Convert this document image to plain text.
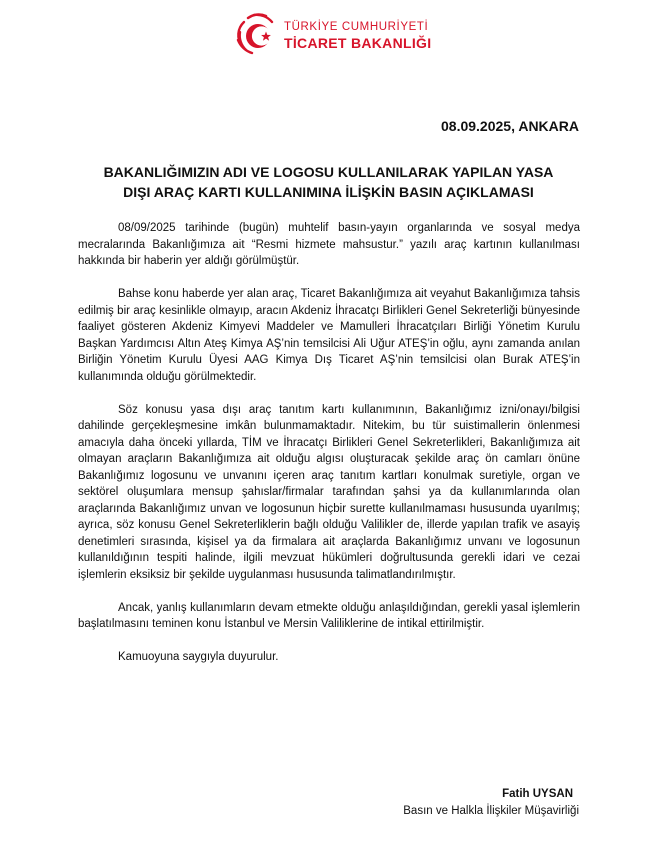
TÜRKİYE CUMHURİYETİ
TİCARET BAKANLIĞI
08.09.2025, ANKARA
BAKANLIĞIMIZIN ADI VE LOGOSU KULLANILARAK YAPILAN YASA
DIŞI ARAÇ KARTI KULLANIMINA İLİŞKİN BASIN AÇIKLAMASI

08/09/2025 tarihinde (bugün) muhtelif basın-yayın organlarında ve sosyal medya mecralarında Bakanlığımıza ait “Resmi hizmete mahsustur.” yazılı araç kartının kullanılması hakkında bir haberin yer aldığı görülmüştür.

Bahse konu haberde yer alan araç, Ticaret Bakanlığımıza ait veyahut Bakanlığımıza tahsis edilmiş bir araç kesinlikle olmayıp, aracın Akdeniz İhracatçı Birlikleri Genel Sekreterliği bünyesinde faaliyet gösteren Akdeniz Kimyevi Maddeler ve Mamulleri İhracatçıları Birliği Yönetim Kurulu Başkan Yardımcısı Altın Ateş Kimya AŞ’nin temsilcisi Ali Uğur ATEŞ’in oğlu, aynı zamanda anılan Birliğin Yönetim Kurulu Üyesi AAG Kimya Dış Ticaret AŞ’nin temsilcisi olan Burak ATEŞ’in kullanımında olduğu görülmektedir.

Söz konusu yasa dışı araç tanıtım kartı kullanımının, Bakanlığımız izni/onayı/bilgisi dahilinde gerçekleşmesine imkân bulunmamaktadır. Nitekim, bu tür suistimallerin önlenmesi amacıyla daha önceki yıllarda, TİM ve İhracatçı Birlikleri Genel Sekreterlikleri, Bakanlığımıza ait olmayan araçların Bakanlığımıza ait olduğu algısı oluşturacak şekilde araç ön camları önüne Bakanlığımız logosunu ve unvanını içeren araç tanıtım kartları konulmak suretiyle, organ ve sektörel oluşumlara mensup şahıslar/firmalar tarafından şahsi ya da kullanımlarında olan araçlarında Bakanlığımız unvan ve logosunun hiçbir surette kullanılmaması hususunda uyarılmış; ayrıca, söz konusu Genel Sekreterliklerin bağlı olduğu Valilikler de, illerde yapılan trafik ve asayiş denetimleri sırasında, kişisel ya da firmalara ait araçlarda Bakanlığımız unvanı ve logosunun kullanıldığının tespiti halinde, ilgili mevzuat hükümleri doğrultusunda gerekli idari ve cezai işlemlerin eksiksiz bir şekilde uygulanması hususunda talimatlandırılmıştır.

Ancak, yanlış kullanımların devam etmekte olduğu anlaşıldığından, gerekli yasal işlemlerin başlatılmasını teminen konu İstanbul ve Mersin Valiliklerine de intikal ettirilmiştir.

Kamuoyuna saygıyla duyurulur.

Fatih UYSAN
Basın ve Halkla İlişkiler Müşavirliği
